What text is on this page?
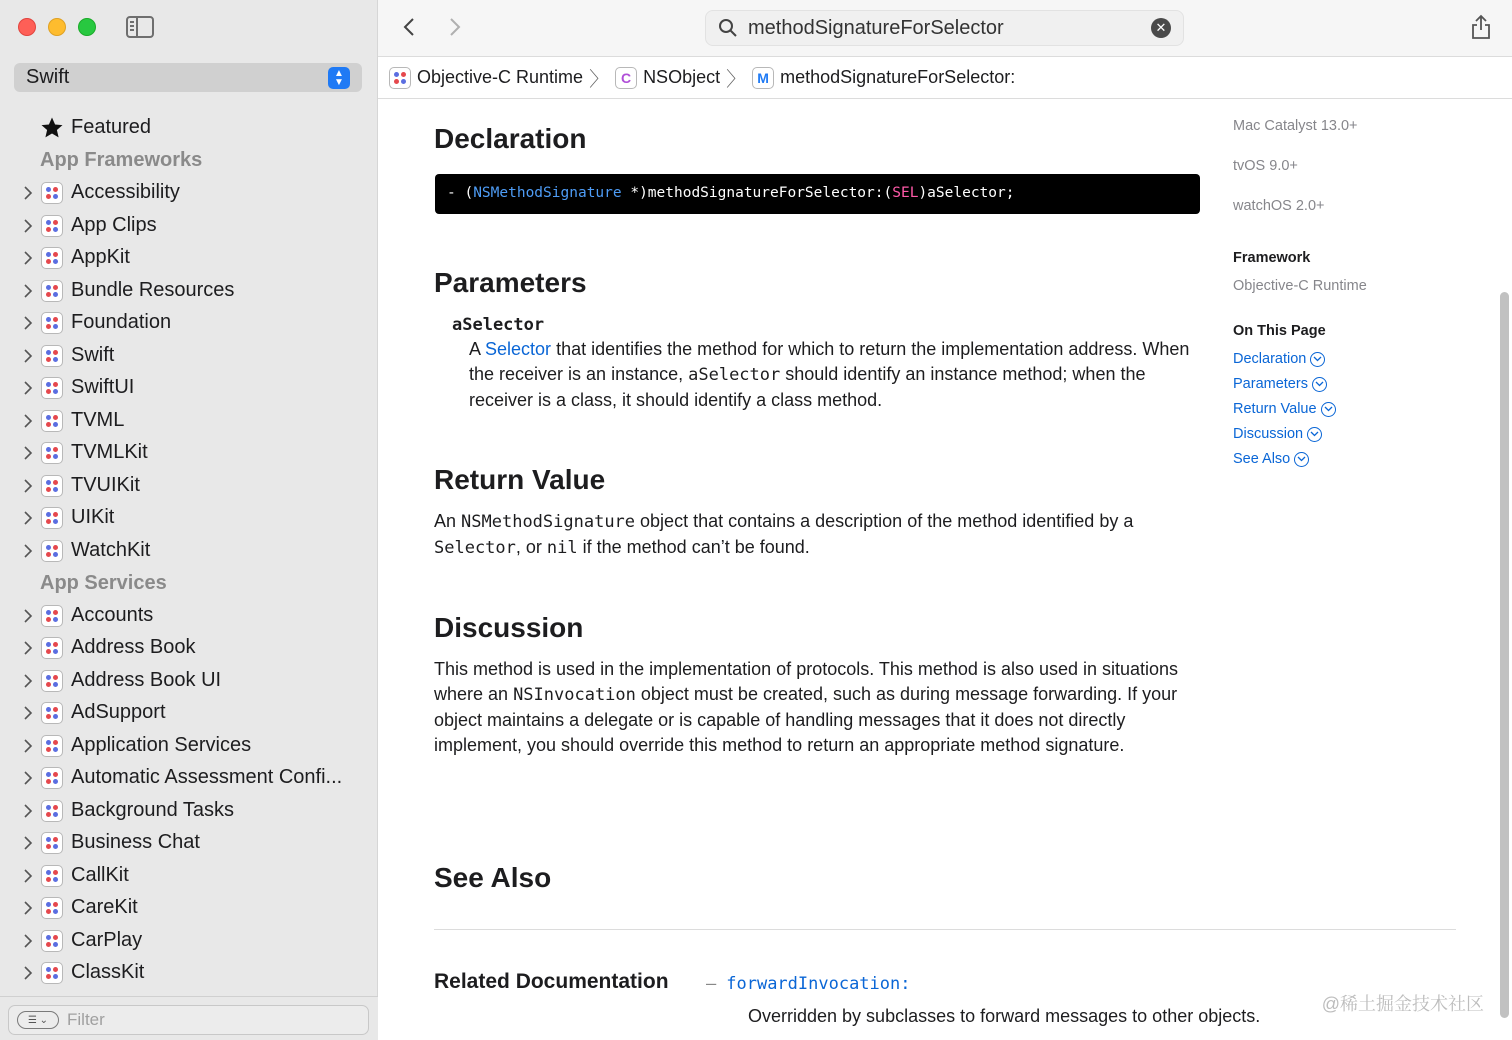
Swift	▲
▼
Featured
App Frameworks
Accessibility
App Clips
AppKit
Bundle Resources
Foundation
Swift
SwiftUI
TVML
TVMLKit
TVUIKit
UIKit
WatchKit
App Services
Accounts
Address Book
Address Book UI
AdSupport
Application Services
Automatic Assessment Confi...
Background Tasks
Business Chat
CallKit
CareKit
CarPlay
ClassKit
☰ ⌄	Filter
methodSignatureForSelector	✕
Objective-C Runtime 〉 C NSObject 〉 M methodSignatureForSelector:
Declaration
- (NSMethodSignature *)methodSignatureForSelector:(SEL)aSelector;
Parameters
aSelector
A Selector that identifies the method for which to return the implementation address. When the receiver is an instance, aSelector should identify an instance method; when the receiver is a class, it should identify a class method.
Return Value
An NSMethodSignature object that contains a description of the method identified by a Selector, or nil if the method can’t be found.
Discussion
This method is used in the implementation of protocols. This method is also used in situations where an NSInvocation object must be created, such as during message forwarding. If your object maintains a delegate or is capable of handling messages that it does not directly implement, you should override this method to return an appropriate method signature.
See Also
Related Documentation – forwardInvocation:
Overridden by subclasses to forward messages to other objects.
Mac Catalyst 13.0+
tvOS 9.0+
watchOS 2.0+
Framework
Objective-C Runtime
On This Page
Declaration
Parameters
Return Value
Discussion
See Also
@稀土掘金技术社区
